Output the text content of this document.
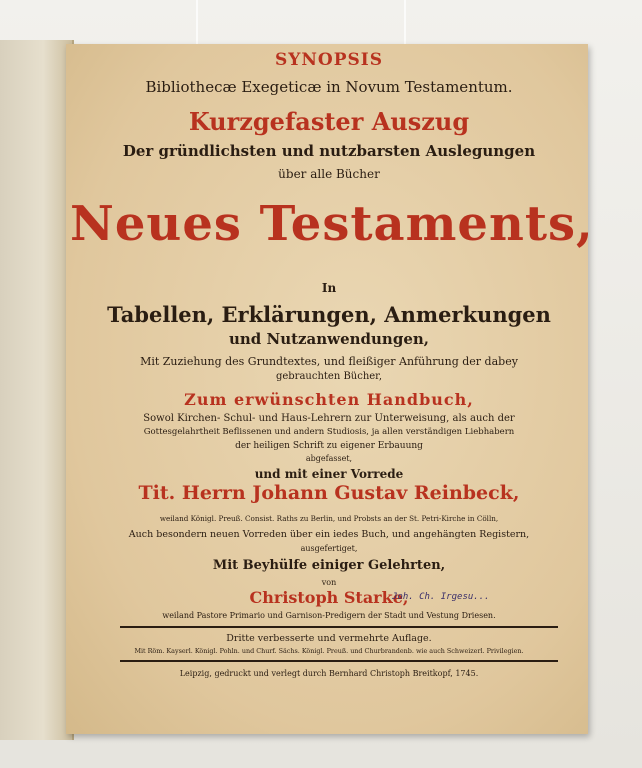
SYNOPSIS
Bibliothecæ Exegeticæ in Novum Testamentum.
Kurzgefaster Auszug
Der gründlichsten und nutzbarsten Auslegungen
über alle Bücher
Neues Testaments,
In
Tabellen, Erklärungen, Anmerkungen
und Nutzanwendungen,
Mit Zuziehung des Grundtextes, und fleißiger Anführung der dabey
gebrauchten Bücher,
Zum erwünschten Handbuch,
Sowol Kirchen- Schul- und Haus-Lehrern zur Unterweisung, als auch der
Gottesgelahrtheit Beflissenen und andern Studiosis, ja allen verständigen Liebhabern
der heiligen Schrift zu eigener Erbauung
abgefasset,
und mit einer Vorrede
Tit. Herrn Johann Gustav Reinbeck,
weiland Königl. Preuß. Consist. Raths zu Berlin, und Probsts an der St. Petri-Kirche in Cölln,
Auch besondern neuen Vorreden über ein iedes Buch, und angehängten Registern,
ausgefertiget,
Mit Beyhülfe einiger Gelehrten,
von
Christoph Starke,
Joh. Ch. Irgesu...
weiland Pastore Primario und Garnison-Predigern der Stadt und Vestung Driesen.
Dritte verbesserte und vermehrte Auflage.
Mit Röm. Kayserl. Königl. Pohln. und Churf. Sächs. Königl. Preuß. und Churbrandenb. wie auch Schweizerl. Privilegien.
Leipzig, gedruckt und verlegt durch Bernhard Christoph Breitkopf, 1745.
